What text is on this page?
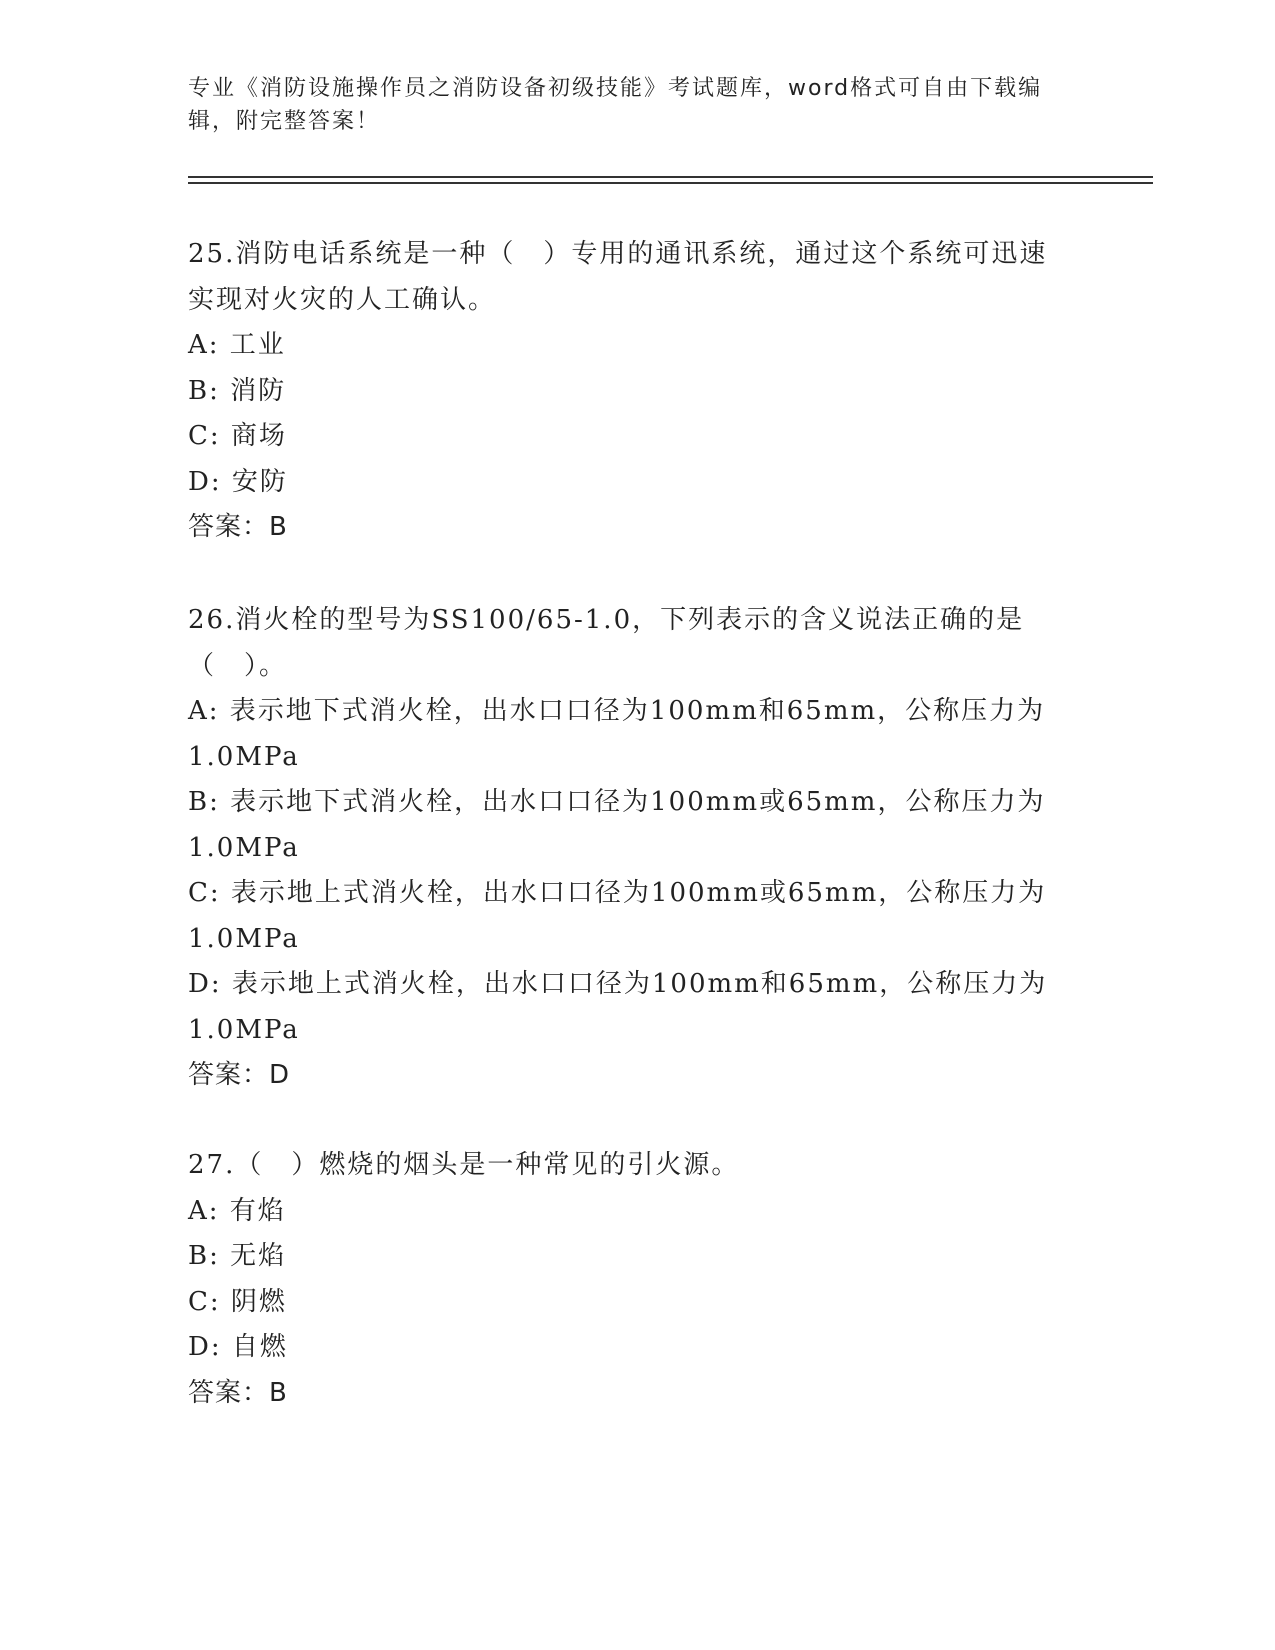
专业《消防设施操作员之消防设备初级技能》考试题库，word格式可自由下载编辑，附完整答案！

25.消防电话系统是一种（　）专用的通讯系统，通过这个系统可迅速实现对火灾的人工确认。

A: 工业

B: 消防

C: 商场

D: 安防

答案：B

26.消火栓的型号为SS100/65-1.0，下列表示的含义说法正确的是（　）。

A: 表示地下式消火栓，出水口口径为100mm和65mm，公称压力为1.0MPa

B: 表示地下式消火栓，出水口口径为100mm或65mm，公称压力为1.0MPa

C: 表示地上式消火栓，出水口口径为100mm或65mm，公称压力为1.0MPa

D: 表示地上式消火栓，出水口口径为100mm和65mm，公称压力为1.0MPa

答案：D

27.（　）燃烧的烟头是一种常见的引火源。

A: 有焰

B: 无焰

C: 阴燃

D: 自燃

答案：B
